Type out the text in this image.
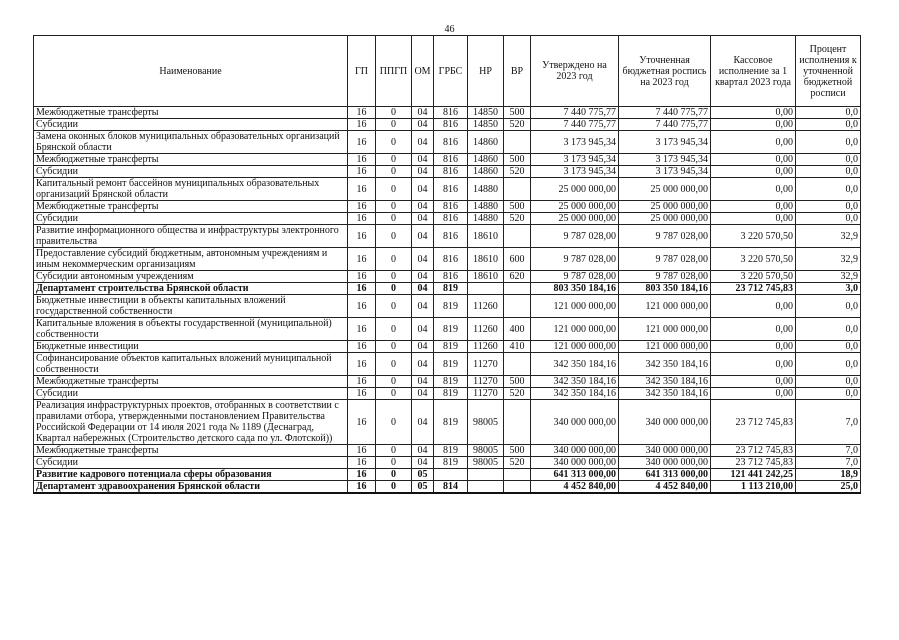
46
Наименование	ГП	ППГП	ОМ	ГРБС	НР	ВР	Утверждено на 2023 год	Уточненная бюджетная роспись на 2023 год	Кассовое исполнение за 1 квартал 2023 года	Процент исполнения к уточненной бюджетной росписи
Межбюджетные трансферты	16	0	04	816	14850	500	7 440 775,77	7 440 775,77	0,00	0,0
Субсидии	16	0	04	816	14850	520	7 440 775,77	7 440 775,77	0,00	0,0
Замена оконных блоков муниципальных образовательных организаций Брянской области	16	0	04	816	14860		3 173 945,34	3 173 945,34	0,00	0,0
Межбюджетные трансферты	16	0	04	816	14860	500	3 173 945,34	3 173 945,34	0,00	0,0
Субсидии	16	0	04	816	14860	520	3 173 945,34	3 173 945,34	0,00	0,0
Капитальный ремонт бассейнов муниципальных образовательных организаций Брянской области	16	0	04	816	14880		25 000 000,00	25 000 000,00	0,00	0,0
Межбюджетные трансферты	16	0	04	816	14880	500	25 000 000,00	25 000 000,00	0,00	0,0
Субсидии	16	0	04	816	14880	520	25 000 000,00	25 000 000,00	0,00	0,0
Развитие информационного общества и инфраструктуры электронного правительства	16	0	04	816	18610		9 787 028,00	9 787 028,00	3 220 570,50	32,9
Предоставление субсидий бюджетным, автономным учреждениям и иным некоммерческим организациям	16	0	04	816	18610	600	9 787 028,00	9 787 028,00	3 220 570,50	32,9
Субсидии автономным учреждениям	16	0	04	816	18610	620	9 787 028,00	9 787 028,00	3 220 570,50	32,9
Департамент строительства Брянской области	16	0	04	819			803 350 184,16	803 350 184,16	23 712 745,83	3,0
Бюджетные инвестиции в объекты капитальных вложений государственной собственности	16	0	04	819	11260		121 000 000,00	121 000 000,00	0,00	0,0
Капитальные вложения в объекты государственной (муниципальной) собственности	16	0	04	819	11260	400	121 000 000,00	121 000 000,00	0,00	0,0
Бюджетные инвестиции	16	0	04	819	11260	410	121 000 000,00	121 000 000,00	0,00	0,0
Софинансирование объектов капитальных вложений муниципальной собственности	16	0	04	819	11270		342 350 184,16	342 350 184,16	0,00	0,0
Межбюджетные трансферты	16	0	04	819	11270	500	342 350 184,16	342 350 184,16	0,00	0,0
Субсидии	16	0	04	819	11270	520	342 350 184,16	342 350 184,16	0,00	0,0
Реализация инфраструктурных проектов, отобранных в соответствии с правилами отбора, утвержденными постановлением Правительства Российской Федерации от 14 июля 2021 года № 1189 (Деснаград, Квартал набережных (Строительство детского сада по ул. Флотской))	16	0	04	819	98005		340 000 000,00	340 000 000,00	23 712 745,83	7,0
Межбюджетные трансферты	16	0	04	819	98005	500	340 000 000,00	340 000 000,00	23 712 745,83	7,0
Субсидии	16	0	04	819	98005	520	340 000 000,00	340 000 000,00	23 712 745,83	7,0
Развитие кадрового потенциала сферы образования	16	0	05				641 313 000,00	641 313 000,00	121 441 242,25	18,9
Департамент здравоохранения Брянской области	16	0	05	814			4 452 840,00	4 452 840,00	1 113 210,00	25,0
